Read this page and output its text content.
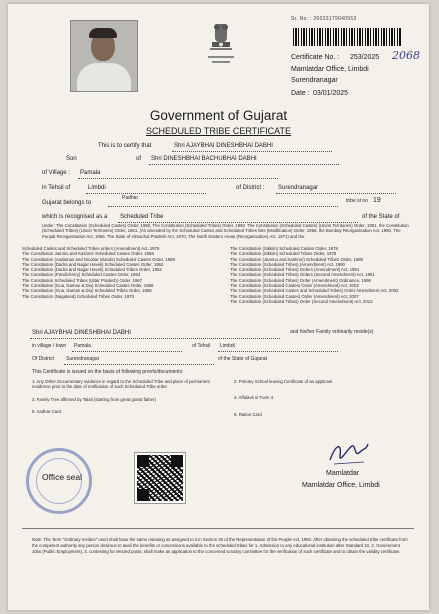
Sr. No. : 26033179040553
Certificate No. : 253/2025 2068
Mamlatdar Office, Limbdi
Surendranagar
Date : 03/01/2025
Government of Gujarat
SCHEDULED TRIBE CERTIFICATE
This is to certify that	Shri AJAYBHAI DINESHBHAI DABHI
Son	of Shri DINESHBHAI BACHUBHAI DABHI
of Village : Pamala
in Tehsil of	Limbdi	of District : Surendranagar
Gujarat belongs to
Padhar	tribe st no 19
which is recognised as a Scheduled Tribe	of the State of
Under: The Constitution (Scheduled Castes) Order, 1950, The Constitution (Scheduled Tribes) Order, 1950. The Constitution (Scheduled Castes) (Union Territories) Order, 1951, the Constitution (Scheduled Tribes) (Union Territories) Order, 1951. (As amended by the Scheduled Castes and Scheduled Tribes lists (Modification) Order, 1956, the Bombay Reorganisation Act, 1960, The Punjab Reorganisation Act, 1966, The State of Himachal Pradesh Act, 1970, The North Eastern Areas (Reorganisation) Act, 1971) and the
Scheduled Castes and Scheduled Tribes orders (Amendment) Act, 1976
The Constitution Jammu and Kashmir Scheduled Castes Order, 1956
The Constitution (Andaman and Nicobar Islands) Scheduled Castes Order, 1959
The Constitution (Dadra and Nagar Haveli) Scheduled Castes Order, 1962
The Constitution (Dadra and Nagar Haveli) Scheduled Tribes Order, 1962
The Constitution (Pondicherry) Scheduled Castes Order, 1964
The Constitution Scheduled Tribes (Uttar Pradesh) Order, 1967
The Constitution (Goa, Daman & Diu) Scheduled Castes Order, 1968
The Constitution (Goa, Daman & Diu) Scheduled Tribes Order, 1968
The Constitution (Nagaland) Scheduled Tribes Order, 1970
The Constitution (Sikkim) Scheduled Castes Order, 1978
The Constitution (Sikkim) Scheduled Tribes Order, 1978
The Constitution (Jammu and Kashmir) Scheduled Tribes Order, 1989
The Constitution (Scheduled Tribes) (Amendment) Act, 1990
The Constitution (Scheduled Tribes) Orders (Amendment) Act, 1991
The Constitution (Scheduled Tribes) Orders (Second Amendment) Act, 1991
The Constitution (Scheduled Tribes) Order (Amendment) Ordinance, 1996
The Constitution (Scheduled Castes) Order (Amendment) Act, 2002
The Constitution (Scheduled Castes and Scheduled Tribes) Order Amendment Act, 2002
The Constitution (Scheduled Castes) Order (Amendment) Act, 2007
The Constitution (Scheduled Tribes) Order (Second Amendment) Act, 2012
Shri AJAYBHAI DINESHBHAI DABHI	and his/her Family ordinarily reside(s)
in village / town Pamala	of Tehsil Limbdi
Of District Surendranagar	of the State of Gujarat
This Certificate is issued on the basis of following proofs/documents:

1. Any Other Documentary evidence in regard to the Scheduled Tribe and place of permanent residence prior to the date of notification of such Scheduled Tribe order

3. Family Tree affirmed by Talati (starting from great grand father)

5. Aadhar Card

2. Primary School leaving Certificate of an applicant

4. Affidavit in Form 4

6. Ration Card

Office seal	Mamlatdar
Mamlatdar Office, Limbdi
Note: The Term "Ordinary resides" used shall have the same meaning as assigned to it in Section 20 of the Representation of the People Act, 1950. After obtaining the scheduled tribe certificate from the competent authority any person desirous to avail the benefits or concessions available to the scheduled tribes for 1. Admission to any educational institution after Standard 10, 2. Government Jobs (Public Employment), 3. contesting for elected posts, shall make an application to the concerned scrutiny committee for the verification of such certificate and to obtain the validity certificate.
